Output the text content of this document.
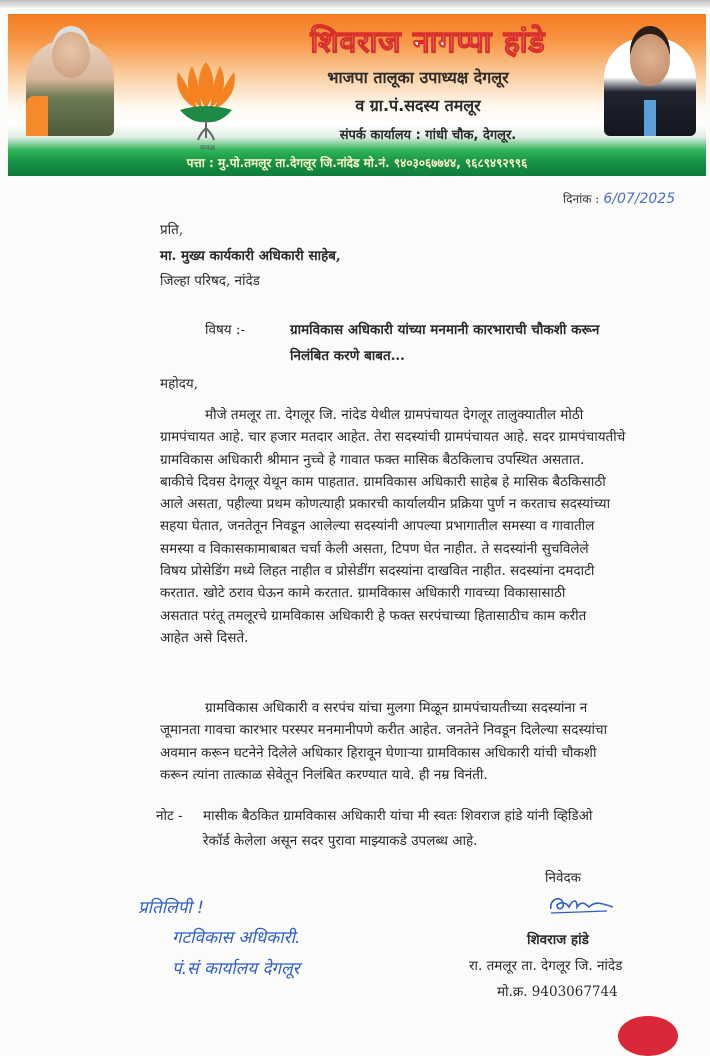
कमळ
शिवराज नागप्पा हांडे
भाजपा तालूका उपाध्यक्ष देगलूर
व ग्रा.पं.सदस्य तमलूर
संपर्क कार्यालय : गांधी चौक, देगलूर.
पत्ता : मु.पो.तमलूर ता.देगलूर जि.नांदेड मो.नं. ९४०३०६७७४४, ९६८९४९२९९६
दिनांक : 6/07/2025
प्रति,
मा. मुख्य कार्यकारी अधिकारी साहेब,
जिल्हा परिषद, नांदेड
विषय :-	ग्रामविकास अधिकारी यांच्या मनमानी कारभाराची चौकशी करून
निलंबित करणे बाबत...
महोदय,
मौजे तमलूर ता. देगलूर जि. नांदेड येथील ग्रामपंचायत देगलूर तालुक्यातील मोठी
ग्रामपंचायत आहे. चार हजार मतदार आहेत. तेरा सदस्यांची ग्रामपंचायत आहे. सदर ग्रामपंचायतीचे
ग्रामविकास अधिकारी श्रीमान नुच्चे हे गावात फक्त मासिक बैठकिलाच उपस्थित असतात.
बाकीचे दिवस देगलूर येथून काम पाहतात. ग्रामविकास अधिकारी साहेब हे मासिक बैठकिसाठी
आले असता, पहील्या प्रथम कोणत्याही प्रकारची कार्यालयीन प्रक्रिया पुर्ण न करताच सदस्यांच्या
सहया घेतात, जनतेतून निवडून आलेल्या सदस्यांनी आपल्या प्रभागातील समस्या व गावातील
समस्या व विकासकामाबाबत चर्चा केली असता, टिपण घेत नाहीत. ते सदस्यांनी सुचविलेले
विषय प्रोसेडिंग मध्ये लिहत नाहीत व प्रोसेडींग सदस्यांना दाखवित नाहीत. सदस्यांना दमदाटी
करतात. खोटे ठराव घेऊन कामे करतात. ग्रामविकास अधिकारी गावच्या विकासासाठी
असतात परंतू तमलूरचे ग्रामविकास अधिकारी हे फक्त सरपंचाच्या हितासाठीच काम करीत
आहेत असे दिसते.
ग्रामविकास अधिकारी व सरपंच यांचा मुलगा मिळून ग्रामपंचायतीच्या सदस्यांना न
जूमानता गावचा कारभार परस्पर मनमानीपणे करीत आहेत. जनतेने निवडून दिलेल्या सदस्यांचा
अवमान करून घटनेने दिलेले अधिकार हिरावून घेणाऱ्या ग्रामविकास अधिकारी यांची चौकशी
करून त्यांना तात्काळ सेवेतून निलंबित करण्यात यावे. ही नम्र विनंती.
नोट - मासीक बैठकित ग्रामविकास अधिकारी यांचा मी स्वतः शिवराज हांडे यांनी व्हिडिओ
रेकॉर्ड केलेला असून सदर पुरावा माझ्याकडे उपलब्ध आहे.
प्रतिलिपी !
गटविकास अधिकारी.
पं.सं कार्यालय देगलूर
निवेदक
शिवराज हांडे
रा. तमलूर ता. देगलूर जि. नांदेड
मो.क्र. 9403067744
